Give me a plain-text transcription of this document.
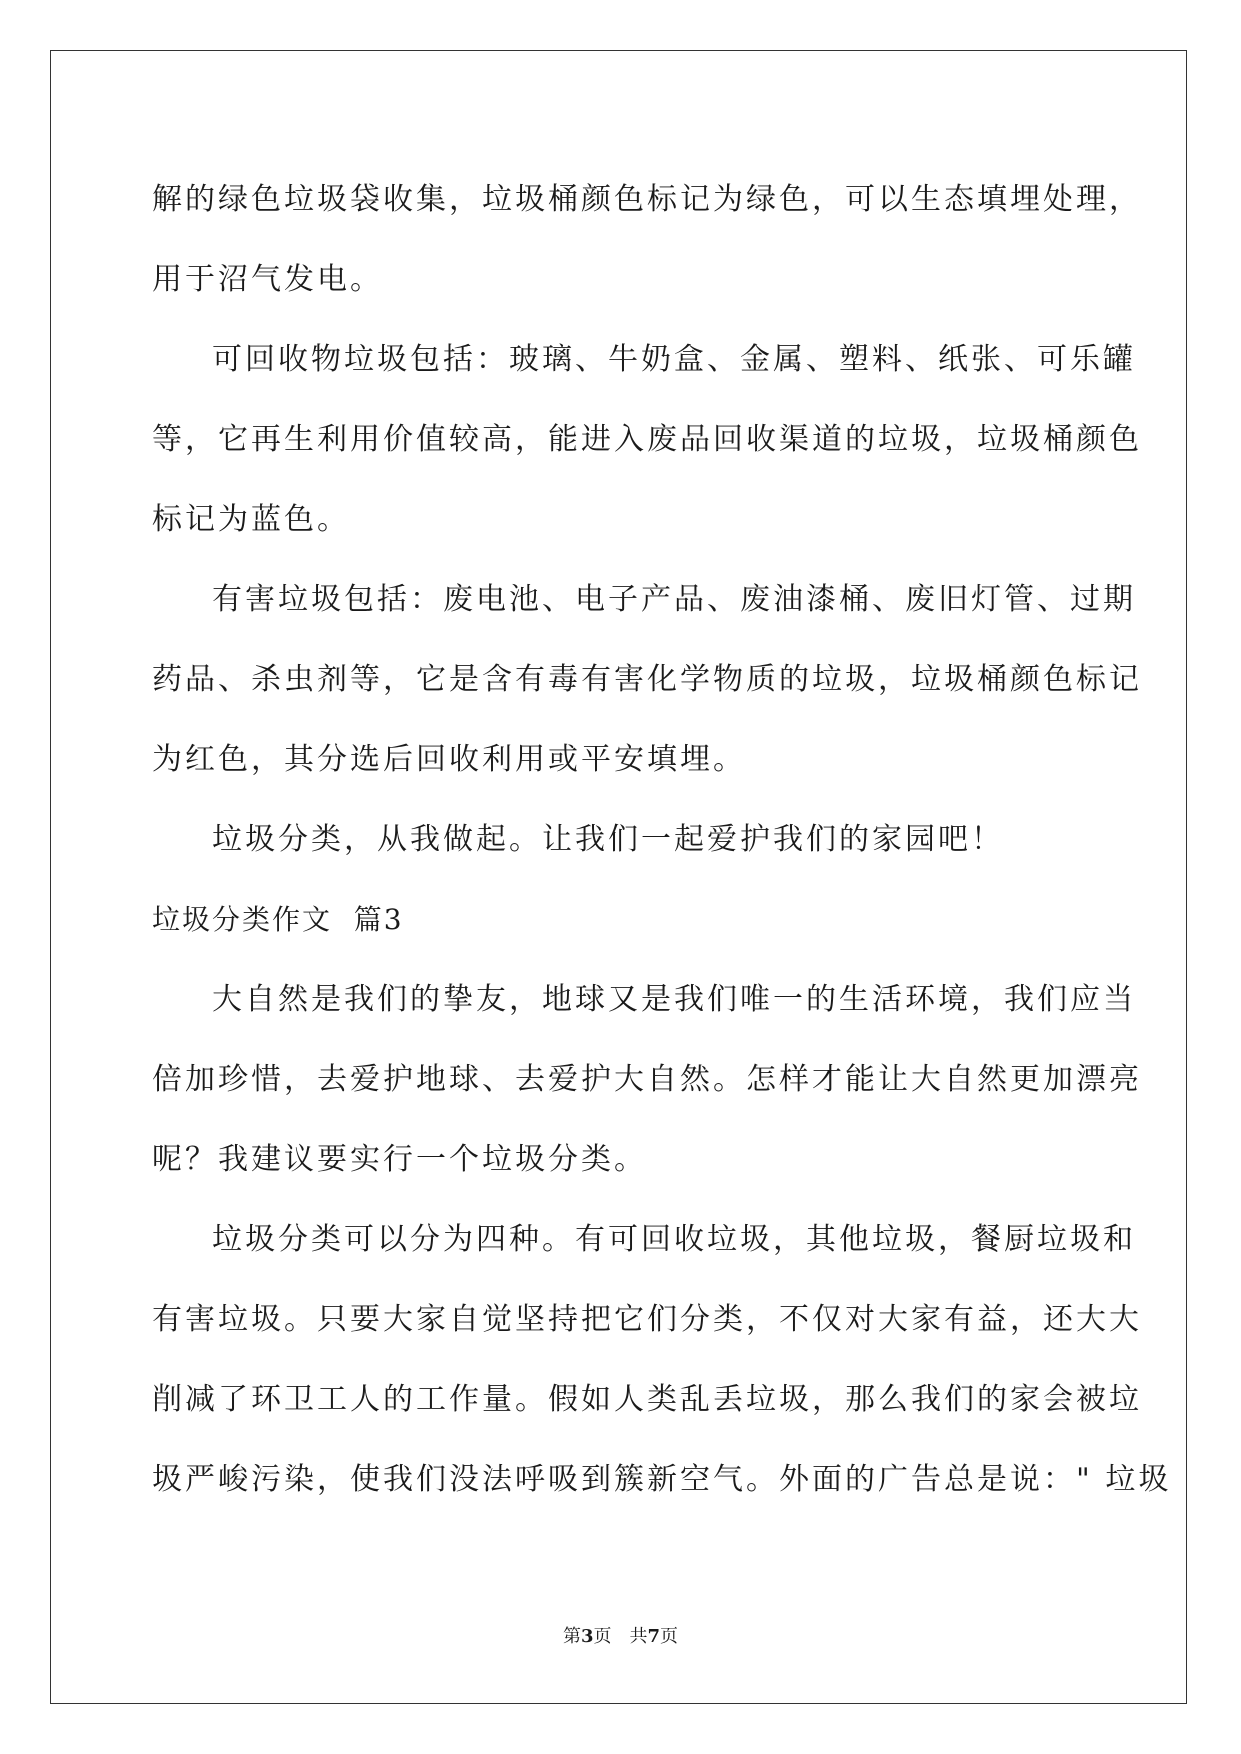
解的绿色垃圾袋收集，垃圾桶颜色标记为绿色，可以生态填埋处理，
用于沼气发电。
可回收物垃圾包括：玻璃、牛奶盒、金属、塑料、纸张、可乐罐
等，它再生利用价值较高，能进入废品回收渠道的垃圾，垃圾桶颜色
标记为蓝色。
有害垃圾包括：废电池、电子产品、废油漆桶、废旧灯管、过期
药品、杀虫剂等，它是含有毒有害化学物质的垃圾，垃圾桶颜色标记
为红色，其分选后回收利用或平安填埋。
垃圾分类，从我做起。让我们一起爱护我们的家园吧！
垃圾分类作文  篇3
大自然是我们的挚友，地球又是我们唯一的生活环境，我们应当
倍加珍惜，去爱护地球、去爱护大自然。怎样才能让大自然更加漂亮
呢？我建议要实行一个垃圾分类。
垃圾分类可以分为四种。有可回收垃圾，其他垃圾，餐厨垃圾和
有害垃圾。只要大家自觉坚持把它们分类，不仅对大家有益，还大大
削减了环卫工人的工作量。假如人类乱丢垃圾，那么我们的家会被垃
圾严峻污染，使我们没法呼吸到簇新空气。外面的广告总是说：" 垃圾
第3页 共7页
